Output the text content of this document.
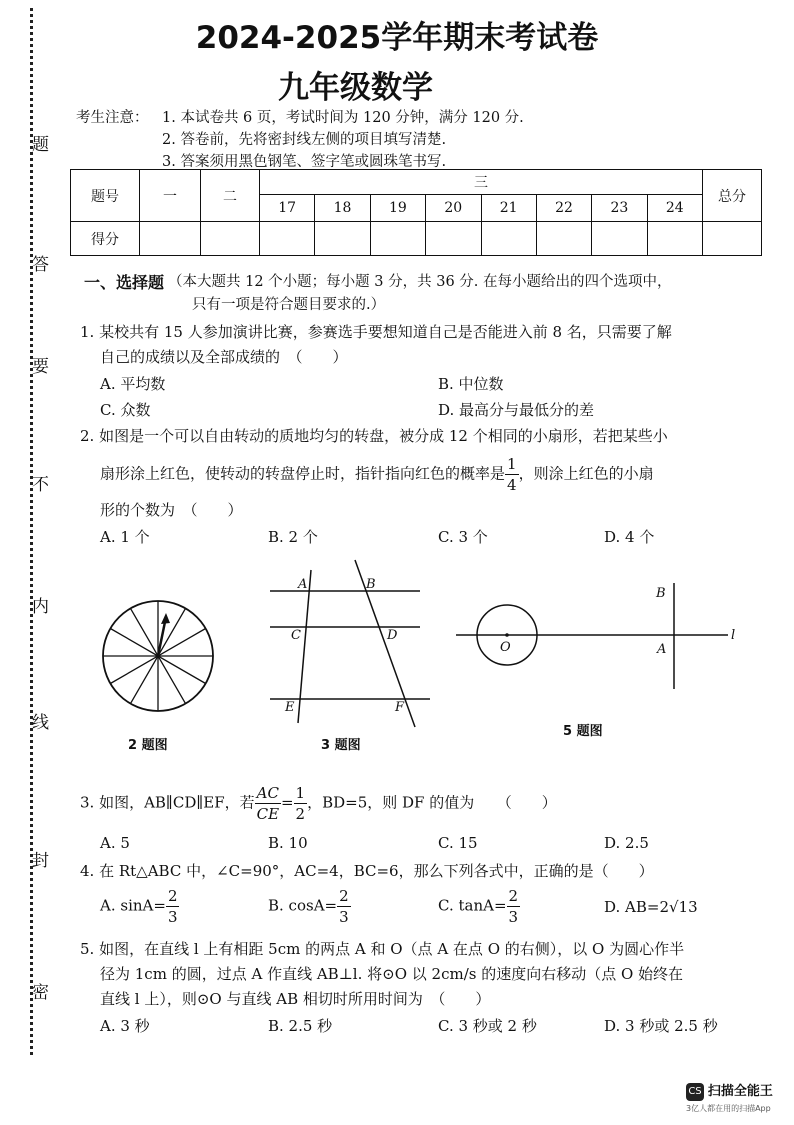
题
答
要
不
内
线
封
密
2024-2025学年期末考试卷
九年级数学
考生注意： 1. 本试卷共 6 页，考试时间为 120 分钟，满分 120 分.
2. 答卷前，先将密封线左侧的项目填写清楚.
3. 答案须用黑色钢笔、签字笔或圆珠笔书写.
题号	一	二	三								总分
			17	18	19	20	21	22	23	24	
得分											
一、选择题 （本大题共 12 个小题；每小题 3 分，共 36 分. 在每小题给出的四个选项中，
只有一项是符合题目要求的.）
1. 某校共有 15 人参加演讲比赛，参赛选手要想知道自己是否能进入前 8 名，只需要了解
自己的成绩以及全部成绩的　（　　）
A. 平均数	B. 中位数
C. 众数	D. 最高分与最低分的差
2. 如图是一个可以自由转动的质地均匀的转盘，被分成 12 个相同的小扇形，若把某些小
扇形涂上红色，使转动的转盘停止时，指针指向红色的概率是 $\frac{1}{4}$ ，则涂上红色的小扇
形的个数为　（　　）
A. 1 个	B. 2 个	C. 3 个	D. 4 个
A	B
C	D
E	F
O
B
A
l
2 题图	3 题图
5 题图
3. 如图，AB∥CD∥EF，若 $\frac{AC}{CE} = \frac{1}{2}$ ，BD=5，则 DF 的值为　　（　　）
A. 5	B. 10	C. 15	D. 2.5
4. 在 Rt△ABC 中，∠C=90°，AC=4，BC=6，那么下列各式中，正确的是（　　）
A. $\sin A= \frac{2}{3}$	B. $\cos A= \frac{2}{3}$	C. $\tan A= \frac{2}{3}$	D. AB=2√13
5. 如图，在直线 l 上有相距 5cm 的两点 A 和 O（点 A 在点 O 的右侧），以 O 为圆心作半
径为 1cm 的圆，过点 A 作直线 AB⊥l. 将⊙O 以 2cm/s 的速度向右移动（点 O 始终在
直线 l 上），则⊙O 与直线 AB 相切时所用时间为　（　　）
A. 3 秒	B. 2.5 秒	C. 3 秒或 2 秒	D. 3 秒或 2.5 秒
CS 扫描全能王
3亿人都在用的扫描App
